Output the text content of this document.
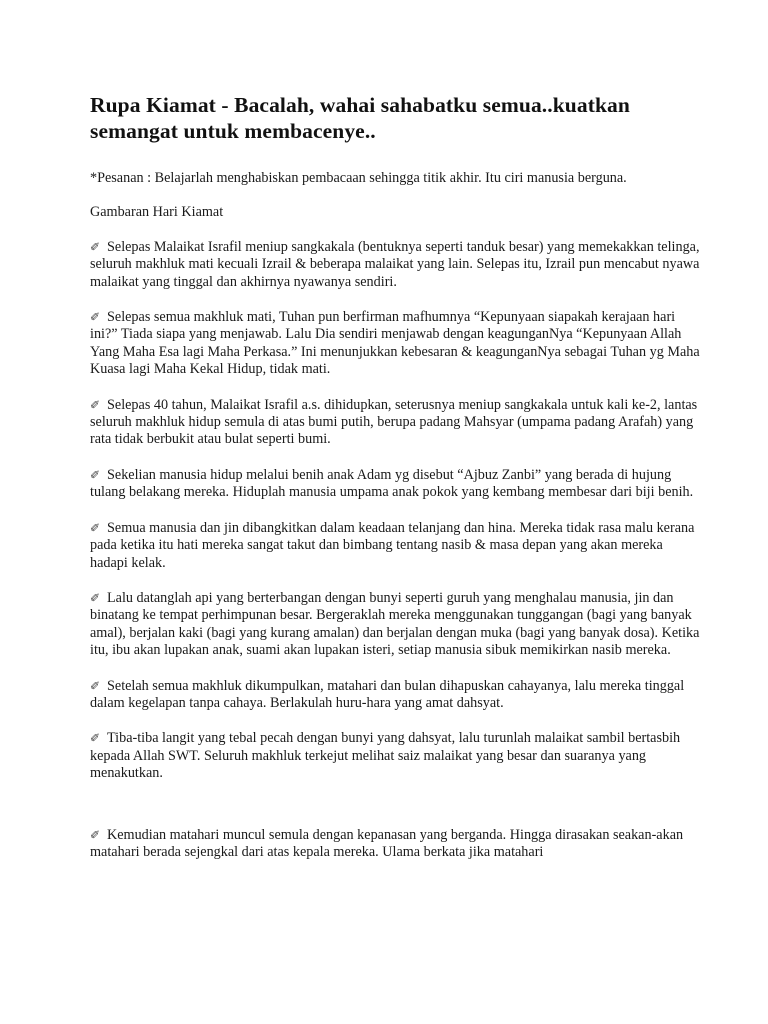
Rupa Kiamat - Bacalah, wahai sahabatku semua..kuatkan semangat untuk membacenye..

*Pesanan : Belajarlah menghabiskan pembacaan sehingga titik akhir. Itu ciri manusia berguna.

Gambaran Hari Kiamat

✐ Selepas Malaikat Israfil meniup sangkakala (bentuknya seperti tanduk besar) yang memekakkan telinga, seluruh makhluk mati kecuali Izrail & beberapa malaikat yang lain. Selepas itu, Izrail pun mencabut nyawa malaikat yang tinggal dan akhirnya nyawanya sendiri.

✐ Selepas semua makhluk mati, Tuhan pun berfirman mafhumnya “Kepunyaan siapakah kerajaan hari ini?” Tiada siapa yang menjawab. Lalu Dia sendiri menjawab dengan keagunganNya “Kepunyaan Allah Yang Maha Esa lagi Maha Perkasa.” Ini menunjukkan kebesaran & keagunganNya sebagai Tuhan yg Maha Kuasa lagi Maha Kekal Hidup, tidak mati.

✐ Selepas 40 tahun, Malaikat Israfil a.s. dihidupkan, seterusnya meniup sangkakala untuk kali ke-2, lantas seluruh makhluk hidup semula di atas bumi putih, berupa padang Mahsyar (umpama padang Arafah) yang rata tidak berbukit atau bulat seperti bumi.

✐ Sekelian manusia hidup melalui benih anak Adam yg disebut “Ajbuz Zanbi” yang berada di hujung tulang belakang mereka. Hiduplah manusia umpama anak pokok yang kembang membesar dari biji benih.

✐ Semua manusia dan jin dibangkitkan dalam keadaan telanjang dan hina. Mereka tidak rasa malu kerana pada ketika itu hati mereka sangat takut dan bimbang tentang nasib & masa depan yang akan mereka hadapi kelak.

✐ Lalu datanglah api yang berterbangan dengan bunyi seperti guruh yang menghalau manusia, jin dan binatang ke tempat perhimpunan besar. Bergeraklah mereka menggunakan tunggangan (bagi yang banyak amal), berjalan kaki (bagi yang kurang amalan) dan berjalan dengan muka (bagi yang banyak dosa). Ketika itu, ibu akan lupakan anak, suami akan lupakan isteri, setiap manusia sibuk memikirkan nasib mereka.

✐ Setelah semua makhluk dikumpulkan, matahari dan bulan dihapuskan cahayanya, lalu mereka tinggal dalam kegelapan tanpa cahaya. Berlakulah huru-hara yang amat dahsyat.

✐ Tiba-tiba langit yang tebal pecah dengan bunyi yang dahsyat, lalu turunlah malaikat sambil bertasbih kepada Allah SWT. Seluruh makhluk terkejut melihat saiz malaikat yang besar dan suaranya yang menakutkan.

✐ Kemudian matahari muncul semula dengan kepanasan yang berganda. Hingga dirasakan seakan-akan matahari berada sejengkal dari atas kepala mereka. Ulama berkata jika matahari
